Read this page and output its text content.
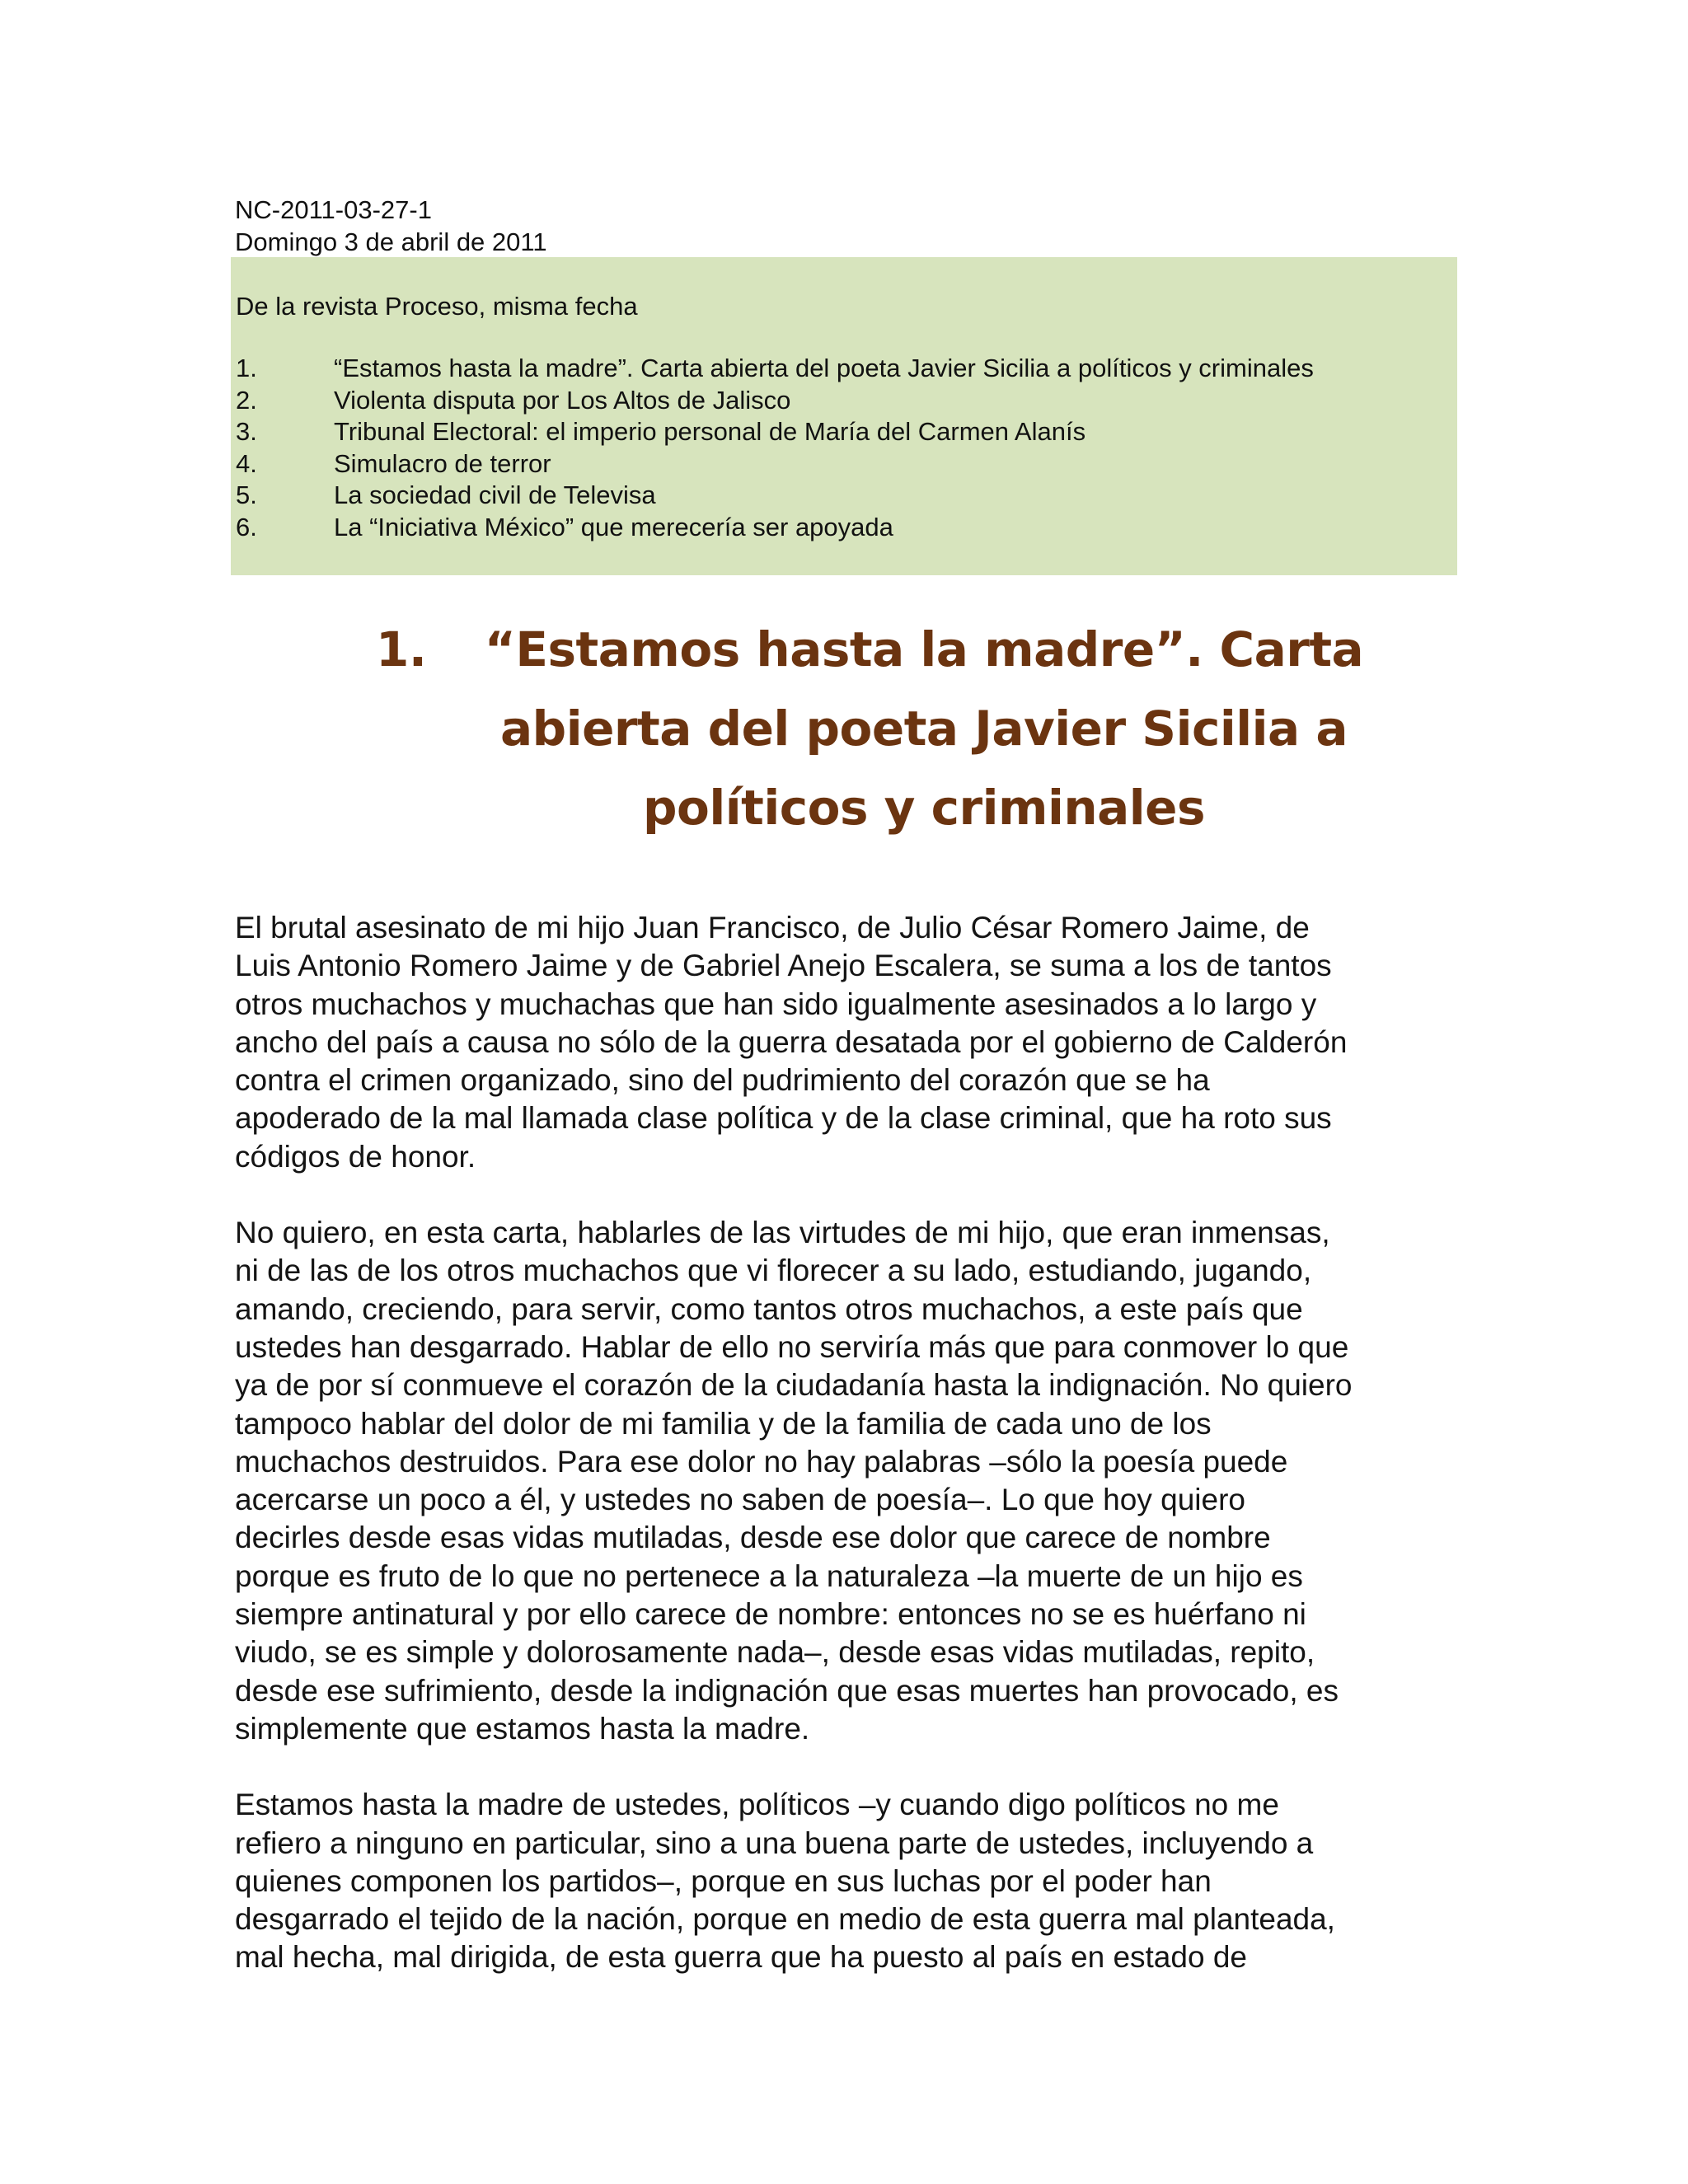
NC-2011-03-27-1
Domingo 3 de abril de 2011
De la revista Proceso, misma fecha
1.	“Estamos hasta la madre”. Carta abierta del poeta Javier Sicilia a políticos y criminales
2.	Violenta disputa por Los Altos de Jalisco
3.	Tribunal Electoral: el imperio personal de María del Carmen Alanís
4.	Simulacro de terror
5.	La sociedad civil de Televisa
6.	La “Iniciativa México” que merecería ser apoyada
1.	“Estamos hasta la madre”. Carta
abierta del poeta Javier Sicilia a
políticos y criminales

El brutal asesinato de mi hijo Juan Francisco, de Julio César Romero Jaime, de
Luis Antonio Romero Jaime y de Gabriel Anejo Escalera, se suma a los de tantos
otros muchachos y muchachas que han sido igualmente asesinados a lo largo y
ancho del país a causa no sólo de la guerra desatada por el gobierno de Calderón
contra el crimen organizado, sino del pudrimiento del corazón que se ha
apoderado de la mal llamada clase política y de la clase criminal, que ha roto sus
códigos de honor.

No quiero, en esta carta, hablarles de las virtudes de mi hijo, que eran inmensas,
ni de las de los otros muchachos que vi florecer a su lado, estudiando, jugando,
amando, creciendo, para servir, como tantos otros muchachos, a este país que
ustedes han desgarrado. Hablar de ello no serviría más que para conmover lo que
ya de por sí conmueve el corazón de la ciudadanía hasta la indignación. No quiero
tampoco hablar del dolor de mi familia y de la familia de cada uno de los
muchachos destruidos. Para ese dolor no hay palabras –sólo la poesía puede
acercarse un poco a él, y ustedes no saben de poesía–. Lo que hoy quiero
decirles desde esas vidas mutiladas, desde ese dolor que carece de nombre
porque es fruto de lo que no pertenece a la naturaleza –la muerte de un hijo es
siempre antinatural y por ello carece de nombre: entonces no se es huérfano ni
viudo, se es simple y dolorosamente nada–, desde esas vidas mutiladas, repito,
desde ese sufrimiento, desde la indignación que esas muertes han provocado, es
simplemente que estamos hasta la madre.

Estamos hasta la madre de ustedes, políticos –y cuando digo políticos no me
refiero a ninguno en particular, sino a una buena parte de ustedes, incluyendo a
quienes componen los partidos–, porque en sus luchas por el poder han
desgarrado el tejido de la nación, porque en medio de esta guerra mal planteada,
mal hecha, mal dirigida, de esta guerra que ha puesto al país en estado de
